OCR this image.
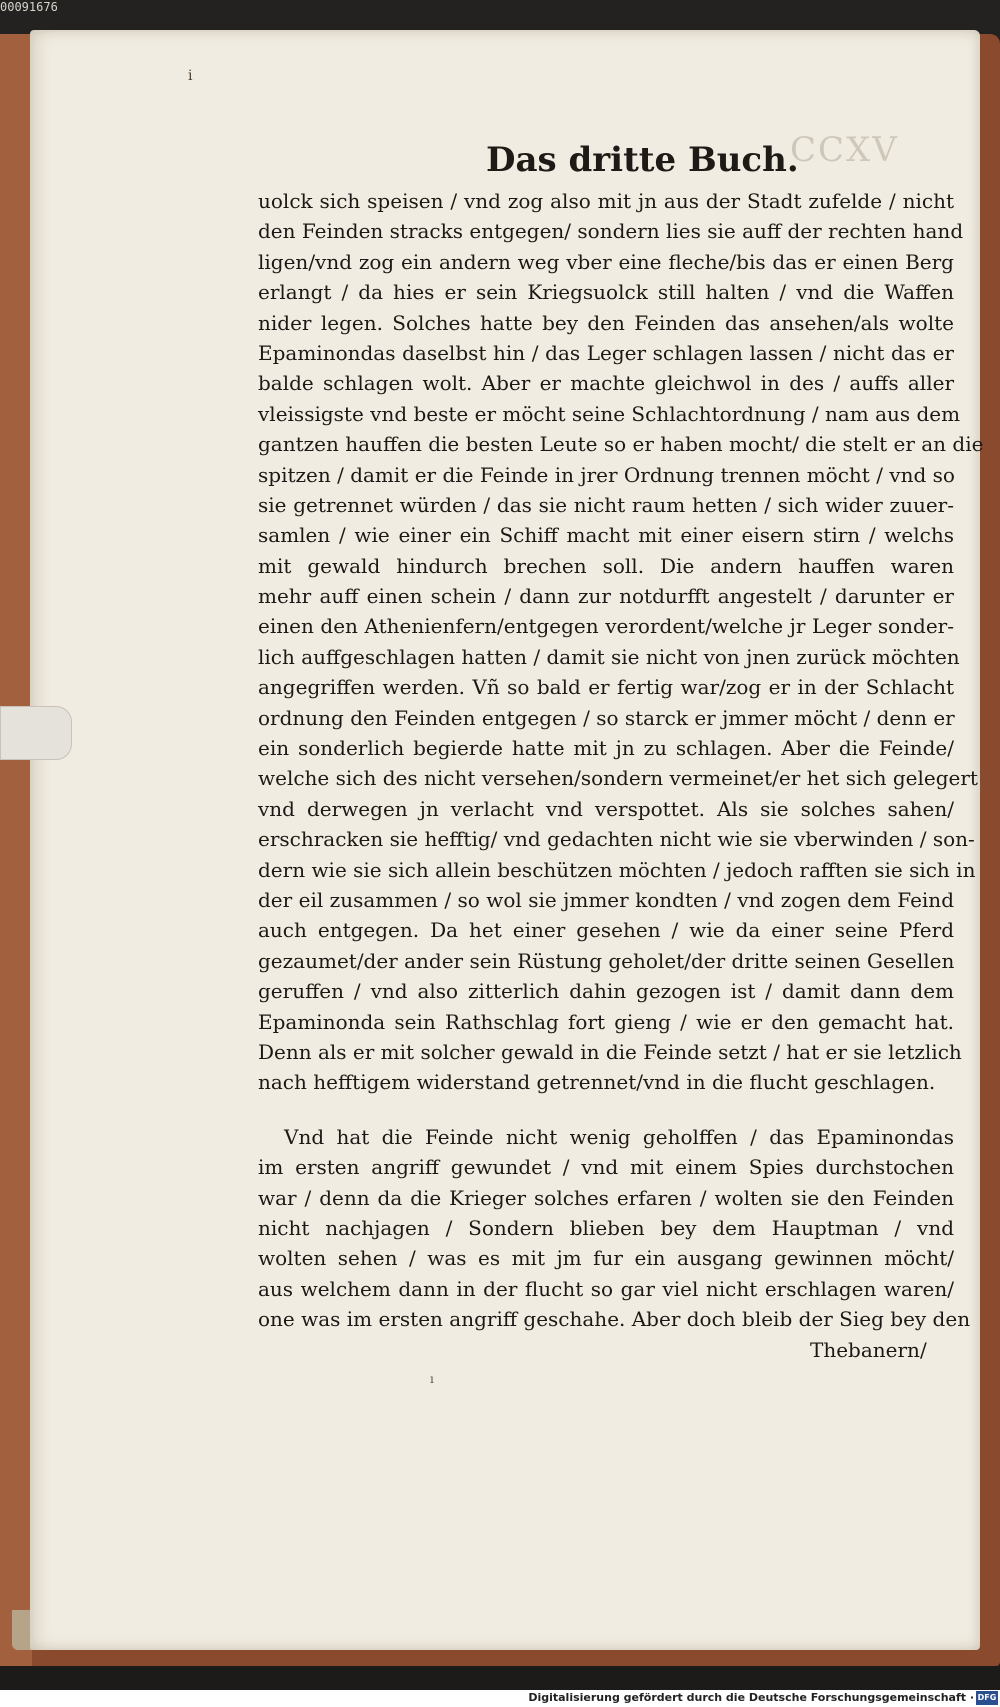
00091676
CCXV
i
Das dritte Buch.
uolck sich speisen / vnd zog also mit jn aus der Stadt zufelde / nicht
den Feinden stracks entgegen/ sondern lies sie auff der rechten hand
ligen/vnd zog ein andern weg vber eine fleche/bis das er einen Berg
erlangt / da hies er sein Kriegsuolck still halten / vnd die Waffen
nider legen. Solches hatte bey den Feinden das ansehen/als wolte
Epaminondas daselbst hin / das Leger schlagen lassen / nicht das er
balde schlagen wolt. Aber er machte gleichwol in des / auffs aller
vleissigste vnd beste er möcht seine Schlachtordnung / nam aus dem
gantzen hauffen die besten Leute so er haben mocht/ die stelt er an die
spitzen / damit er die Feinde in jrer Ordnung trennen möcht / vnd so
sie getrennet würden / das sie nicht raum hetten / sich wider zuuer-
samlen / wie einer ein Schiff macht mit einer eisern stirn / welchs
mit gewald hindurch brechen soll. Die andern hauffen waren
mehr auff einen schein / dann zur notdurfft angestelt / darunter er
einen den Athenienfern/entgegen verordent/welche jr Leger sonder-
lich auffgeschlagen hatten / damit sie nicht von jnen zurück möchten
angegriffen werden. Vñ so bald er fertig war/zog er in der Schlacht
ordnung den Feinden entgegen / so starck er jmmer möcht / denn er
ein sonderlich begierde hatte mit jn zu schlagen. Aber die Feinde/
welche sich des nicht versehen/sondern vermeinet/er het sich gelegert
vnd derwegen jn verlacht vnd verspottet. Als sie solches sahen/
erschracken sie hefftig/ vnd gedachten nicht wie sie vberwinden / son-
dern wie sie sich allein beschützen möchten / jedoch rafften sie sich in
der eil zusammen / so wol sie jmmer kondten / vnd zogen dem Feind
auch entgegen. Da het einer gesehen / wie da einer seine Pferd
gezaumet/der ander sein Rüstung geholet/der dritte seinen Gesellen
geruffen / vnd also zitterlich dahin gezogen ist / damit dann dem
Epaminonda sein Rathschlag fort gieng / wie er den gemacht hat.
Denn als er mit solcher gewald in die Feinde setzt / hat er sie letzlich
nach hefftigem widerstand getrennet/vnd in die flucht geschlagen.
Vnd hat die Feinde nicht wenig geholffen / das Epaminondas
im ersten angriff gewundet / vnd mit einem Spies durchstochen
war / denn da die Krieger solches erfaren / wolten sie den Feinden
nicht nachjagen / Sondern blieben bey dem Hauptman / vnd
wolten sehen / was es mit jm fur ein ausgang gewinnen möcht/
aus welchem dann in der flucht so gar viel nicht erschlagen waren/
one was im ersten angriff geschahe. Aber doch bleib der Sieg bey den
Thebanern/
ı
Digitalisierung gefördert durch die Deutsche Forschungsgemeinschaft · DFG
